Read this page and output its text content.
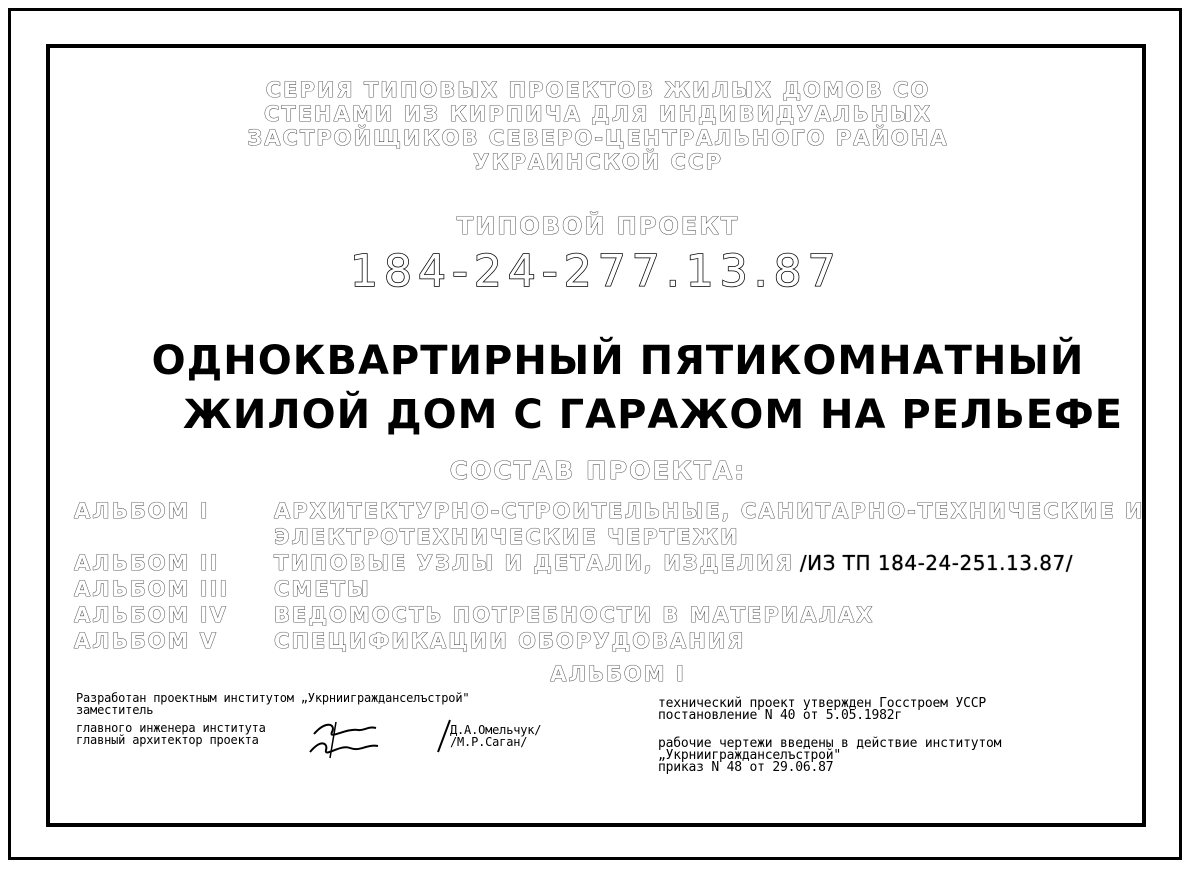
СЕРИЯ ТИПОВЫХ ПРОЕКТОВ ЖИЛЫХ ДОМОВ СО
СТЕНАМИ ИЗ КИРПИЧА ДЛЯ ИНДИВИДУАЛЬНЫХ
ЗАСТРОЙЩИКОВ СЕВЕРО-ЦЕНТРАЛЬНОГО РАЙОНА
УКРАИНСКОЙ ССР
ТИПОВОЙ ПРОЕКТ
184-24-277.13.87
ОДНОКВАРТИРНЫЙ ПЯТИКОМНАТНЫЙ
ЖИЛОЙ ДОМ С ГАРАЖОМ НА РЕЛЬЕФЕ
СОСТАВ ПРОЕКТА:
АЛЬБОМ I	АРХИТЕКТУРНО-СТРОИТЕЛЬНЫЕ, САНИТАРНО-ТЕХНИЧЕСКИЕ И
ЭЛЕКТРОТЕХНИЧЕСКИЕ ЧЕРТЕЖИ
АЛЬБОМ II	ТИПОВЫЕ УЗЛЫ И ДЕТАЛИ, ИЗДЕЛИЯ /ИЗ ТП 184-24-251.13.87/
АЛЬБОМ III СМЕТЫ
АЛЬБОМ IV ВЕДОМОСТЬ ПОТРЕБНОСТИ В МАТЕРИАЛАХ
АЛЬБОМ V	СПЕЦИФИКАЦИИ ОБОРУДОВАНИЯ
АЛЬБОМ I
Разработан проектным институтом „Укрниигражданселъстрой"
заместитель
главного инженера института
главный архитектор проекта
Д.А.Омельчук/
/М.Р.Саган/
технический проект утвержден Госстроем УССР
постановление N 40 от 5.05.1982г
рабочие чертежи введены в действие институтом
„Укрниигражданселъстрой"
приказ N 48 от 29.06.87
